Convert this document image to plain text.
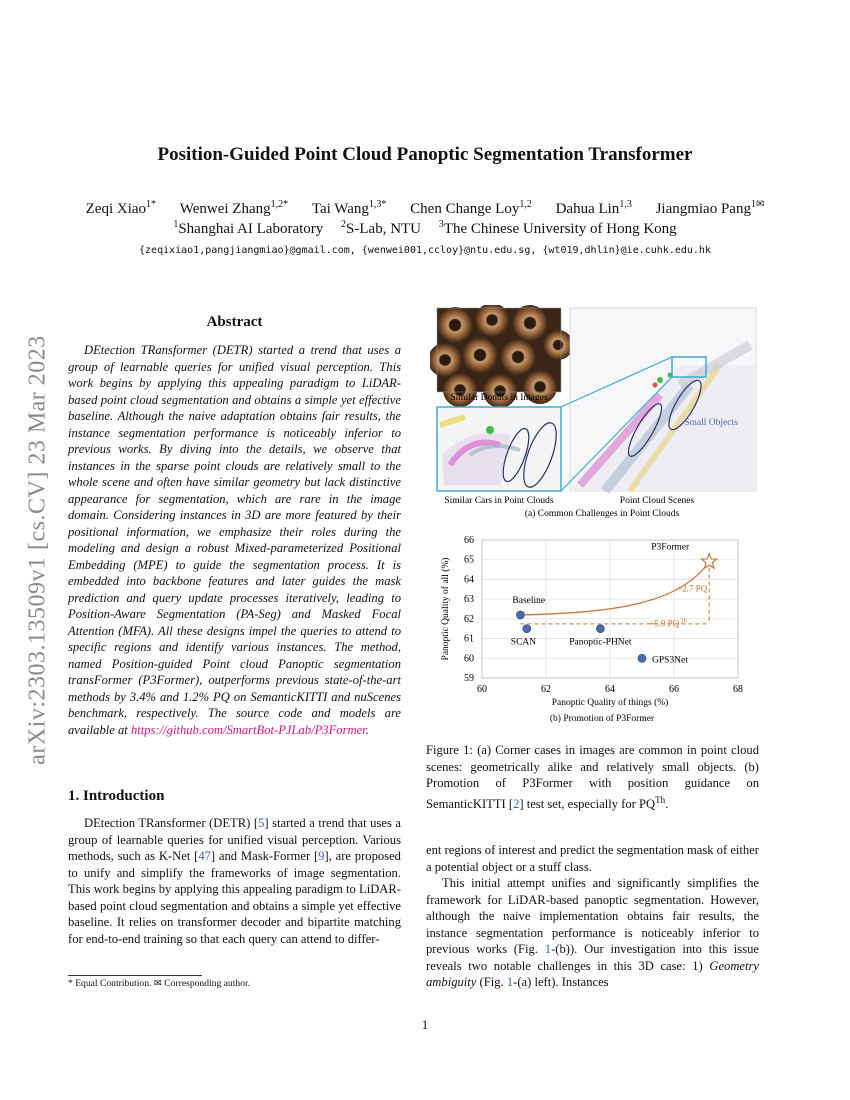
arXiv:2303.13509v1 [cs.CV] 23 Mar 2023
Position-Guided Point Cloud Panoptic Segmentation Transformer
Zeqi Xiao$^{1*}$ Wenwei Zhang$^{1,2*}$ Tai Wang$^{1,3*}$ Chen Change Loy$^{1,2}$ Dahua Lin$^{1,3}$ Jiangmiao Pang$^{1✉}$
$^1$Shanghai AI Laboratory $^2$S-Lab, NTU $^3$The Chinese University of Hong Kong
{zeqixiao1,pangjiangmiao}@gmail.com, {wenwei001,ccloy}@ntu.edu.sg, {wt019,dhlin}@ie.cuhk.edu.hk
Abstract
DEtection TRansformer (DETR) started a trend that uses a group of learnable queries for unified visual perception. This work begins by applying this appealing paradigm to LiDAR-based point cloud segmentation and obtains a simple yet effective baseline. Although the naive adaptation obtains fair results, the instance segmentation performance is noticeably inferior to previous works. By diving into the details, we observe that instances in the sparse point clouds are relatively small to the whole scene and often have similar geometry but lack distinctive appearance for segmentation, which are rare in the image domain. Considering instances in 3D are more featured by their positional information, we emphasize their roles during the modeling and design a robust Mixed-parameterized Positional Embedding (MPE) to guide the segmentation process. It is embedded into backbone features and later guides the mask prediction and query update processes iteratively, leading to Position-Aware Segmentation (PA-Seg) and Masked Focal Attention (MFA). All these designs impel the queries to attend to specific regions and identify various instances. The method, named Position-guided Point cloud Panoptic segmentation transFormer (P3Former), outperforms previous state-of-the-art methods by 3.4% and 1.2% PQ on SemanticKITTI and nuScenes benchmark, respectively. The source code and models are available at https://github.com/SmartBot-PJLab/P3Former.
1. Introduction
DEtection TRansformer (DETR) [5] started a trend that uses a group of learnable queries for unified visual perception. Various methods, such as K-Net [47] and Mask-Former [9], are proposed to unify and simplify the frameworks of image segmentation. This work begins by applying this appealing paradigm to LiDAR-based point cloud segmentation and obtains a simple yet effective baseline. It relies on transformer decoder and bipartite matching for end-to-end training so that each query can attend to differ-
* Equal Contribution. ✉ Corresponding author.
Similar Donuts in Images
Similar Cars in Point Clouds
Small Objects
Point Cloud Scenes
(a) Common Challenges in Point Clouds
59
60
61
62
63
64
65
66
60	62	64	66	68
+2.7 PQ
+5.9 PQ Th
Baseline
SCAN	Panoptic-PHNet
GPS3Net
P3Former
Panoptic Quality of things (%)
Panoptic Quality of all (%)
(b) Promotion of P3Former
Figure 1: (a) Corner cases in images are common in point cloud scenes: geometrically alike and relatively small objects. (b) Promotion of P3Former with position guidance on SemanticKITTI [2] test set, especially for $PQ^{Th}$.

ent regions of interest and predict the segmentation mask of either a potential object or a stuff class.

This initial attempt unifies and significantly simplifies the framework for LiDAR-based panoptic segmentation. However, although the naive implementation obtains fair results, the instance segmentation performance is noticeably inferior to previous works (Fig. 1-(b)). Our investigation into this issue reveals two notable challenges in this 3D case: 1) Geometry ambiguity (Fig. 1-(a) left). Instances

1
